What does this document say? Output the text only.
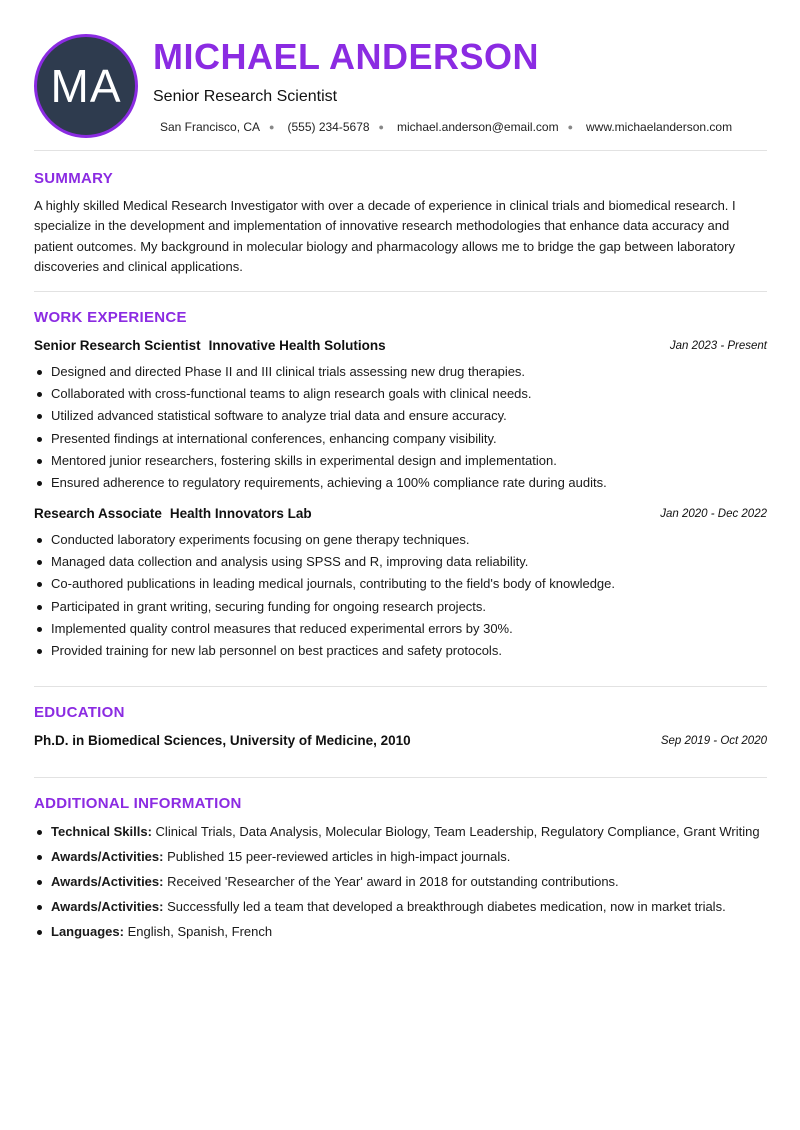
MA
MICHAEL ANDERSON
Senior Research Scientist
San Francisco, CA ● (555) 234-5678 ● michael.anderson@email.com ● www.michaelanderson.com
SUMMARY
A highly skilled Medical Research Investigator with over a decade of experience in clinical trials and biomedical research. I specialize in the development and implementation of innovative research methodologies that enhance data accuracy and patient outcomes. My background in molecular biology and pharmacology allows me to bridge the gap between laboratory discoveries and clinical applications.
WORK EXPERIENCE
Senior Research Scientist Innovative Health Solutions	Jan 2023 - Present
Designed and directed Phase II and III clinical trials assessing new drug therapies.
Collaborated with cross-functional teams to align research goals with clinical needs.
Utilized advanced statistical software to analyze trial data and ensure accuracy.
Presented findings at international conferences, enhancing company visibility.
Mentored junior researchers, fostering skills in experimental design and implementation.
Ensured adherence to regulatory requirements, achieving a 100% compliance rate during audits.
Research Associate Health Innovators Lab	Jan 2020 - Dec 2022
Conducted laboratory experiments focusing on gene therapy techniques.
Managed data collection and analysis using SPSS and R, improving data reliability.
Co-authored publications in leading medical journals, contributing to the field's body of knowledge.
Participated in grant writing, securing funding for ongoing research projects.
Implemented quality control measures that reduced experimental errors by 30%.
Provided training for new lab personnel on best practices and safety protocols.
EDUCATION
Ph.D. in Biomedical Sciences, University of Medicine, 2010	Sep 2019 - Oct 2020
ADDITIONAL INFORMATION
Technical Skills: Clinical Trials, Data Analysis, Molecular Biology, Team Leadership, Regulatory Compliance, Grant Writing
Awards/Activities: Published 15 peer-reviewed articles in high-impact journals.
Awards/Activities: Received 'Researcher of the Year' award in 2018 for outstanding contributions.
Awards/Activities: Successfully led a team that developed a breakthrough diabetes medication, now in market trials.
Languages: English, Spanish, French
